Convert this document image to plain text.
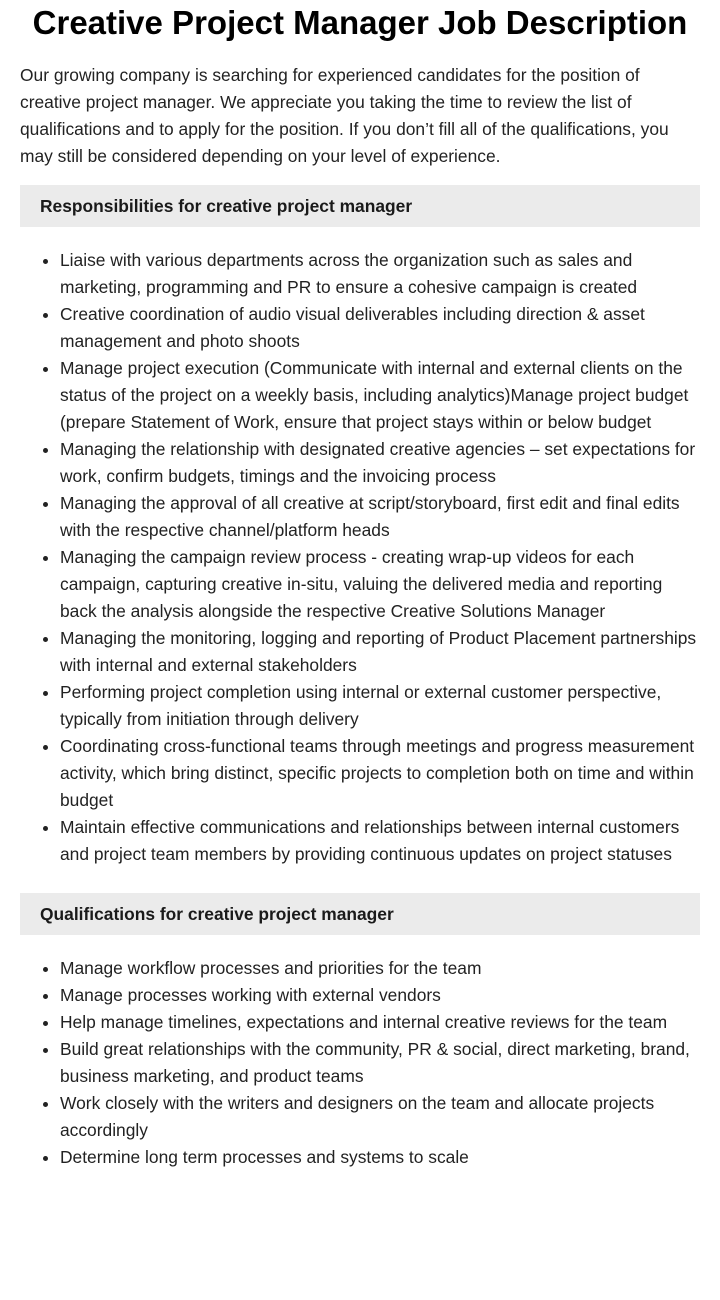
Creative Project Manager Job Description

Our growing company is searching for experienced candidates for the position of creative project manager. We appreciate you taking the time to review the list of qualifications and to apply for the position. If you don’t fill all of the qualifications, you may still be considered depending on your level of experience.

Responsibilities for creative project manager
• Liaise with various departments across the organization such as sales and marketing, programming and PR to ensure a cohesive campaign is created
• Creative coordination of audio visual deliverables including direction & asset management and photo shoots
• Manage project execution (Communicate with internal and external clients on the status of the project on a weekly basis, including analytics)Manage project budget (prepare Statement of Work, ensure that project stays within or below budget
• Managing the relationship with designated creative agencies – set expectations for work, confirm budgets, timings and the invoicing process
• Managing the approval of all creative at script/storyboard, first edit and final edits with the respective channel/platform heads
• Managing the campaign review process - creating wrap-up videos for each campaign, capturing creative in-situ, valuing the delivered media and reporting back the analysis alongside the respective Creative Solutions Manager
• Managing the monitoring, logging and reporting of Product Placement partnerships with internal and external stakeholders
• Performing project completion using internal or external customer perspective, typically from initiation through delivery
• Coordinating cross-functional teams through meetings and progress measurement activity, which bring distinct, specific projects to completion both on time and within budget
• Maintain effective communications and relationships between internal customers and project team members by providing continuous updates on project statuses
Qualifications for creative project manager
• Manage workflow processes and priorities for the team
• Manage processes working with external vendors
• Help manage timelines, expectations and internal creative reviews for the team
• Build great relationships with the community, PR & social, direct marketing, brand, business marketing, and product teams
• Work closely with the writers and designers on the team and allocate projects accordingly
• Determine long term processes and systems to scale
